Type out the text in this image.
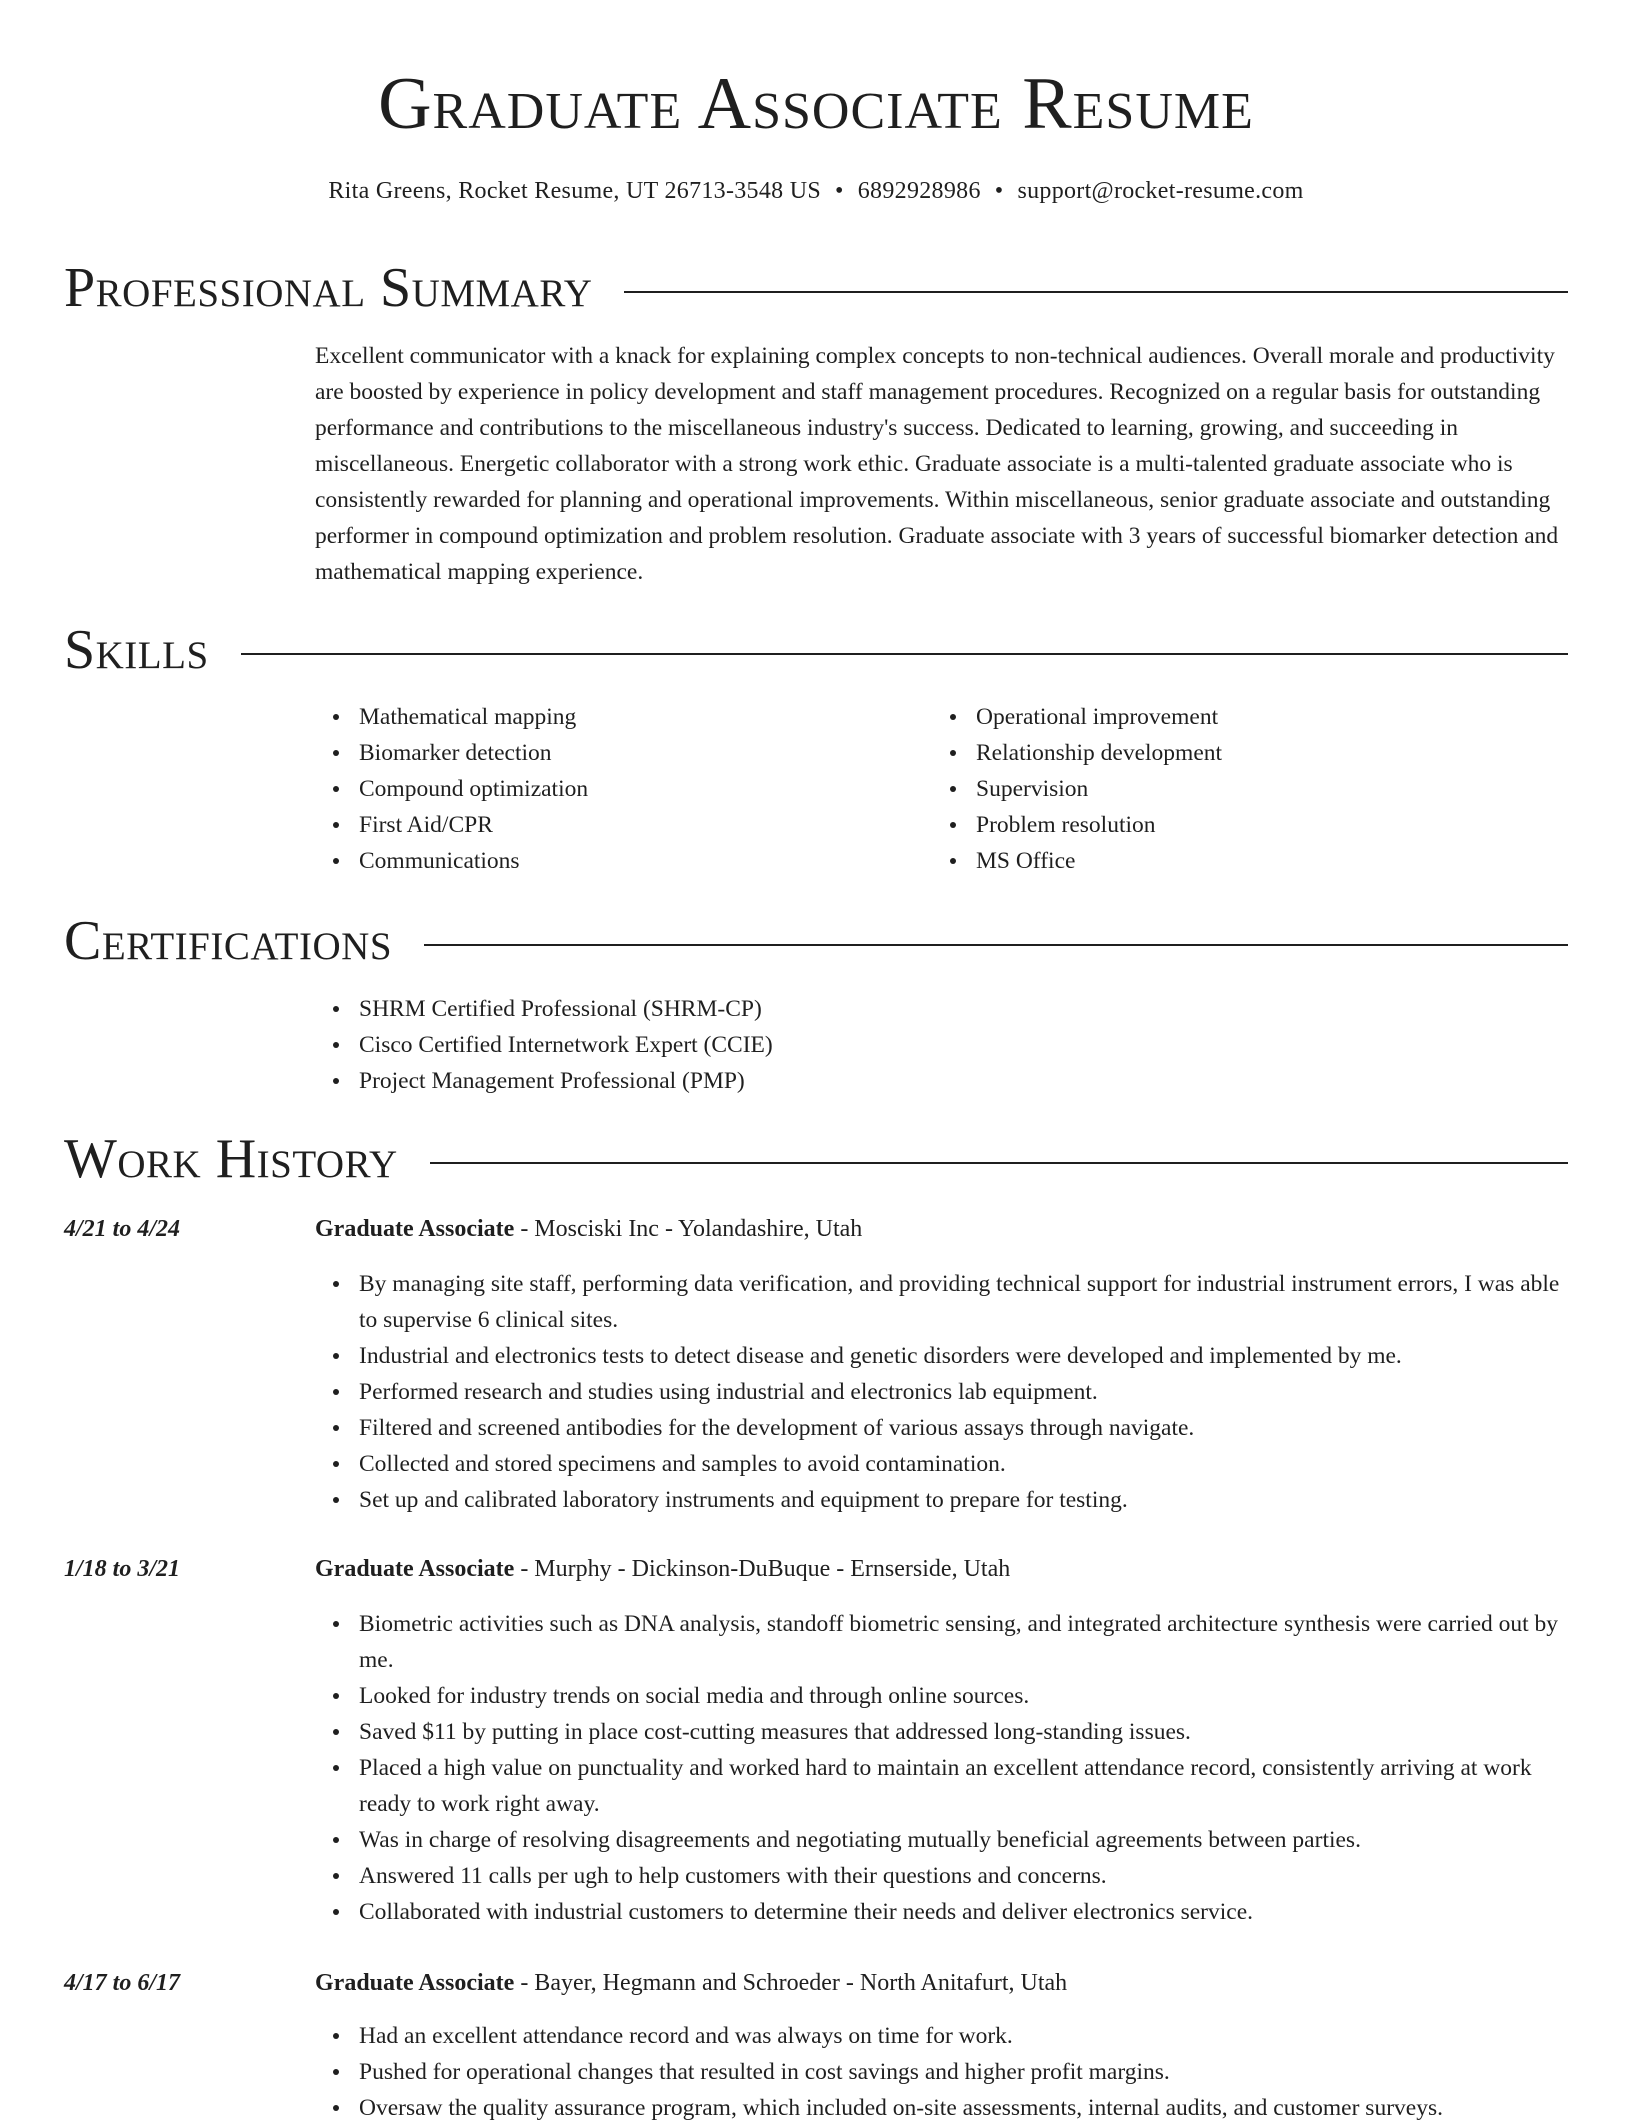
Graduate Associate Resume
Rita Greens, Rocket Resume, UT 26713-3548 US • 6892928986 • support@rocket-resume.com
Professional Summary

Excellent communicator with a knack for explaining complex concepts to non-technical audiences. Overall morale and productivity are boosted by experience in policy development and staff management procedures. Recognized on a regular basis for outstanding performance and contributions to the miscellaneous industry's success. Dedicated to learning, growing, and succeeding in miscellaneous. Energetic collaborator with a strong work ethic. Graduate associate is a multi-talented graduate associate who is consistently rewarded for planning and operational improvements. Within miscellaneous, senior graduate associate and outstanding performer in compound optimization and problem resolution. Graduate associate with 3 years of successful biomarker detection and mathematical mapping experience.

Skills
Mathematical mapping
Biomarker detection
Compound optimization
First Aid/CPR
Communications
Operational improvement
Relationship development
Supervision
Problem resolution
MS Office
Certifications
SHRM Certified Professional (SHRM-CP)
Cisco Certified Internetwork Expert (CCIE)
Project Management Professional (PMP)
Work History
4/21 to 4/24	Graduate Associate - Mosciski Inc - Yolandashire, Utah
By managing site staff, performing data verification, and providing technical support for industrial instrument errors, I was able to supervise 6 clinical sites.
Industrial and electronics tests to detect disease and genetic disorders were developed and implemented by me.
Performed research and studies using industrial and electronics lab equipment.
Filtered and screened antibodies for the development of various assays through navigate.
Collected and stored specimens and samples to avoid contamination.
Set up and calibrated laboratory instruments and equipment to prepare for testing.
1/18 to 3/21	Graduate Associate - Murphy - Dickinson-DuBuque - Ernserside, Utah
Biometric activities such as DNA analysis, standoff biometric sensing, and integrated architecture synthesis were carried out by me.
Looked for industry trends on social media and through online sources.
Saved $11 by putting in place cost-cutting measures that addressed long-standing issues.
Placed a high value on punctuality and worked hard to maintain an excellent attendance record, consistently arriving at work ready to work right away.
Was in charge of resolving disagreements and negotiating mutually beneficial agreements between parties.
Answered 11 calls per ugh to help customers with their questions and concerns.
Collaborated with industrial customers to determine their needs and deliver electronics service.
4/17 to 6/17	Graduate Associate - Bayer, Hegmann and Schroeder - North Anitafurt, Utah
Had an excellent attendance record and was always on time for work.
Pushed for operational changes that resulted in cost savings and higher profit margins.
Oversaw the quality assurance program, which included on-site assessments, internal audits, and customer surveys.
